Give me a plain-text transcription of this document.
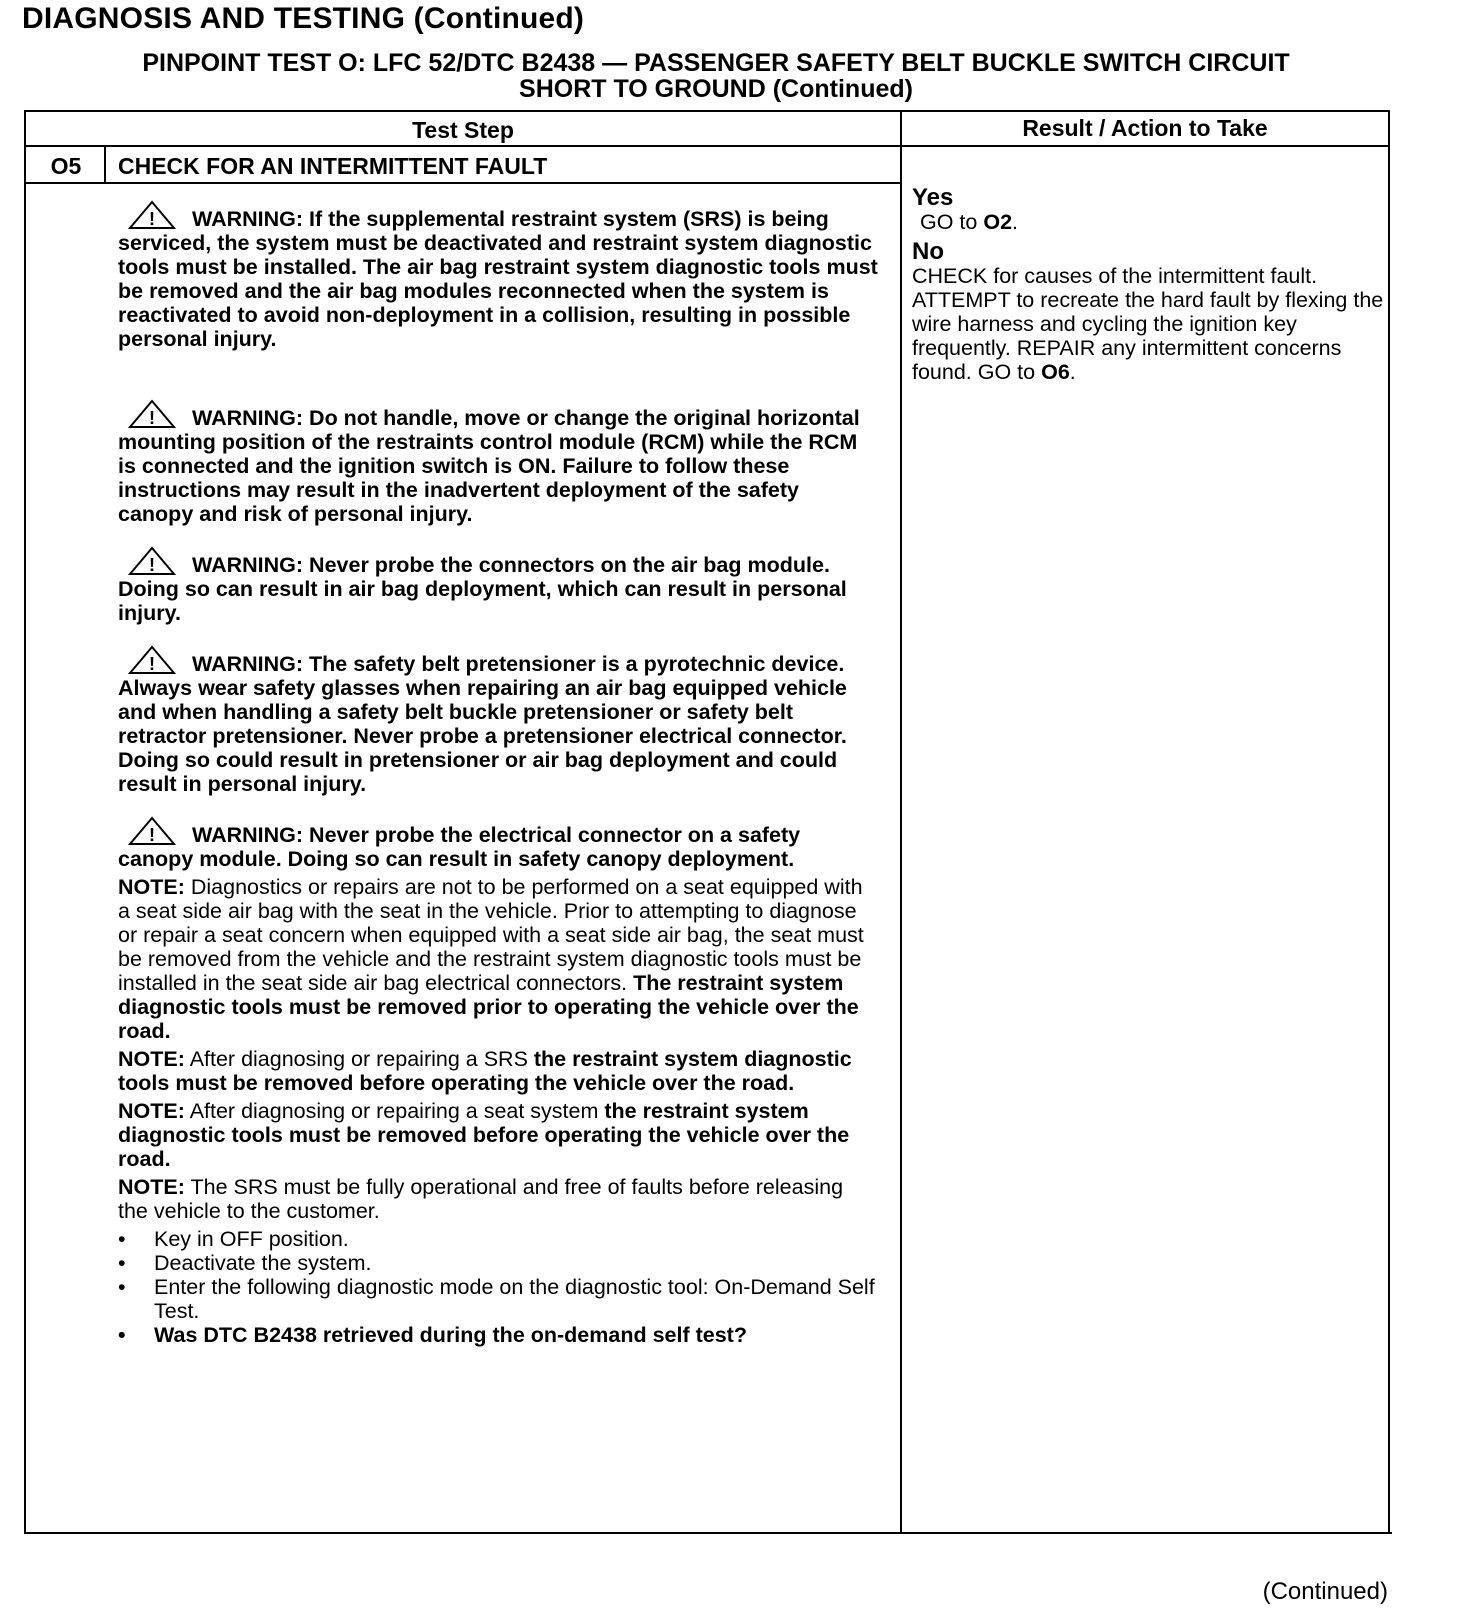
DIAGNOSIS AND TESTING (Continued)
PINPOINT TEST O: LFC 52/DTC B2438 — PASSENGER SAFETY BELT BUCKLE SWITCH CIRCUIT
SHORT TO GROUND (Continued)
Test Step	Result / Action to Take
O5	CHECK FOR AN INTERMITTENT FAULT

! WARNING: If the supplemental restraint system (SRS) is being serviced, the system must be deactivated and restraint system diagnostic tools must be installed. The air bag restraint system diagnostic tools must be removed and the air bag modules reconnected when the system is reactivated to avoid non-deployment in a collision, resulting in possible personal injury.

! WARNING: Do not handle, move or change the original horizontal mounting position of the restraints control module (RCM) while the RCM is connected and the ignition switch is ON. Failure to follow these instructions may result in the inadvertent deployment of the safety canopy and risk of personal injury.

! WARNING: Never probe the connectors on the air bag module. Doing so can result in air bag deployment, which can result in personal injury.

! WARNING: The safety belt pretensioner is a pyrotechnic device. Always wear safety glasses when repairing an air bag equipped vehicle and when handling a safety belt buckle pretensioner or safety belt retractor pretensioner. Never probe a pretensioner electrical connector. Doing so could result in pretensioner or air bag deployment and could result in personal injury.

! WARNING: Never probe the electrical connector on a safety canopy module. Doing so can result in safety canopy deployment.

NOTE: Diagnostics or repairs are not to be performed on a seat equipped with a seat side air bag with the seat in the vehicle. Prior to attempting to diagnose or repair a seat concern when equipped with a seat side air bag, the seat must be removed from the vehicle and the restraint system diagnostic tools must be installed in the seat side air bag electrical connectors. The restraint system diagnostic tools must be removed prior to operating the vehicle over the road.

NOTE: After diagnosing or repairing a SRS the restraint system diagnostic tools must be removed before operating the vehicle over the road.

NOTE: After diagnosing or repairing a seat system the restraint system diagnostic tools must be removed before operating the vehicle over the road.

NOTE: The SRS must be fully operational and free of faults before releasing the vehicle to the customer.

• Key in OFF position.
• Deactivate the system.
• Enter the following diagnostic mode on the diagnostic tool: On-Demand Self Test.
• Was DTC B2438 retrieved during the on-demand self test?

Yes

GO to O2.

No

CHECK for causes of the intermittent fault. ATTEMPT to recreate the hard fault by flexing the wire harness and cycling the ignition key frequently. REPAIR any intermittent concerns found. GO to O6.

(Continued)
